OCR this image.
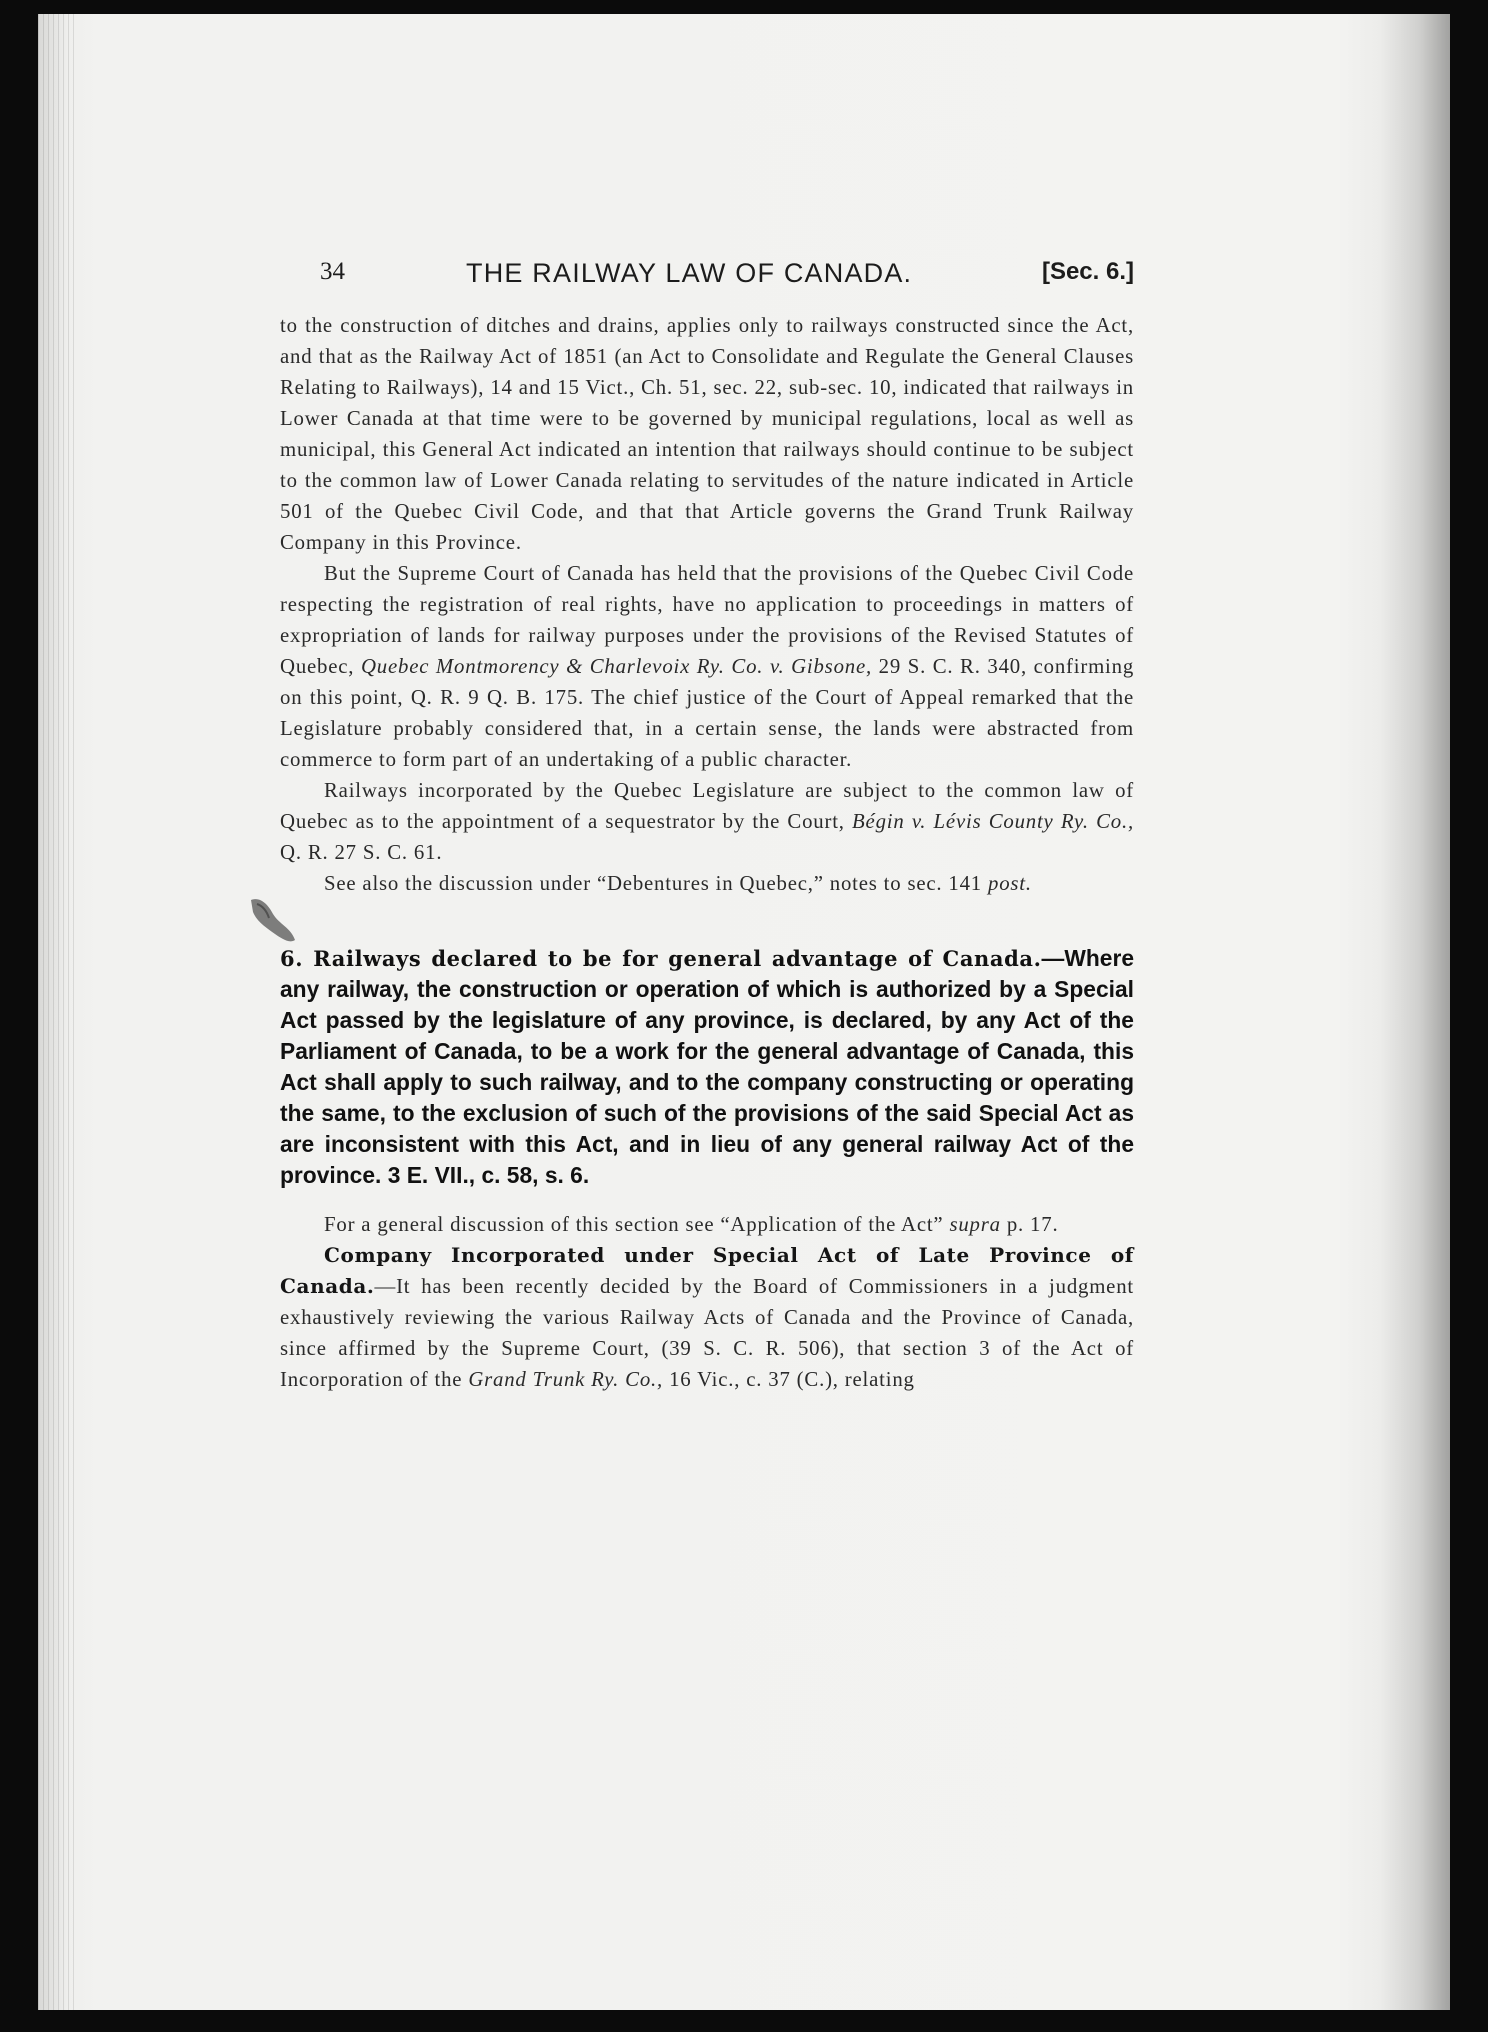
34	THE RAILWAY LAW OF CANADA.	[Sec. 6.]

to the construction of ditches and drains, applies only to railways constructed since the Act, and that as the Railway Act of 1851 (an Act to Consolidate and Regulate the General Clauses Relating to Railways), 14 and 15 Vict., Ch. 51, sec. 22, sub-sec. 10, indicated that railways in Lower Canada at that time were to be governed by municipal regulations, local as well as municipal, this General Act indicated an intention that railways should continue to be subject to the common law of Lower Canada relating to servitudes of the nature indicated in Article 501 of the Quebec Civil Code, and that that Article governs the Grand Trunk Railway Company in this Province.

But the Supreme Court of Canada has held that the provisions of the Quebec Civil Code respecting the registration of real rights, have no application to proceedings in matters of expropriation of lands for railway purposes under the provisions of the Revised Statutes of Quebec, Quebec Montmorency & Charlevoix Ry. Co. v. Gibsone, 29 S. C. R. 340, confirming on this point, Q. R. 9 Q. B. 175. The chief justice of the Court of Appeal remarked that the Legislature probably considered that, in a certain sense, the lands were abstracted from commerce to form part of an undertaking of a public character.

Railways incorporated by the Quebec Legislature are subject to the common law of Quebec as to the appointment of a sequestrator by the Court, Bégin v. Lévis County Ry. Co., Q. R. 27 S. C. 61.

See also the discussion under “Debentures in Quebec,” notes to sec. 141 post.

6. Railways declared to be for general advantage of Canada.—Where any railway, the construction or operation of which is authorized by a Special Act passed by the legislature of any province, is declared, by any Act of the Parliament of Canada, to be a work for the general advantage of Canada, this Act shall apply to such railway, and to the company constructing or operating the same, to the exclusion of such of the provisions of the said Special Act as are inconsistent with this Act, and in lieu of any general railway Act of the province. 3 E. VII., c. 58, s. 6.

For a general discussion of this section see “Application of the Act” supra p. 17.

Company Incorporated under Special Act of Late Province of Canada.—It has been recently decided by the Board of Commissioners in a judgment exhaustively reviewing the various Railway Acts of Canada and the Province of Canada, since affirmed by the Supreme Court, (39 S. C. R. 506), that section 3 of the Act of Incorporation of the Grand Trunk Ry. Co., 16 Vic., c. 37 (C.), relating
